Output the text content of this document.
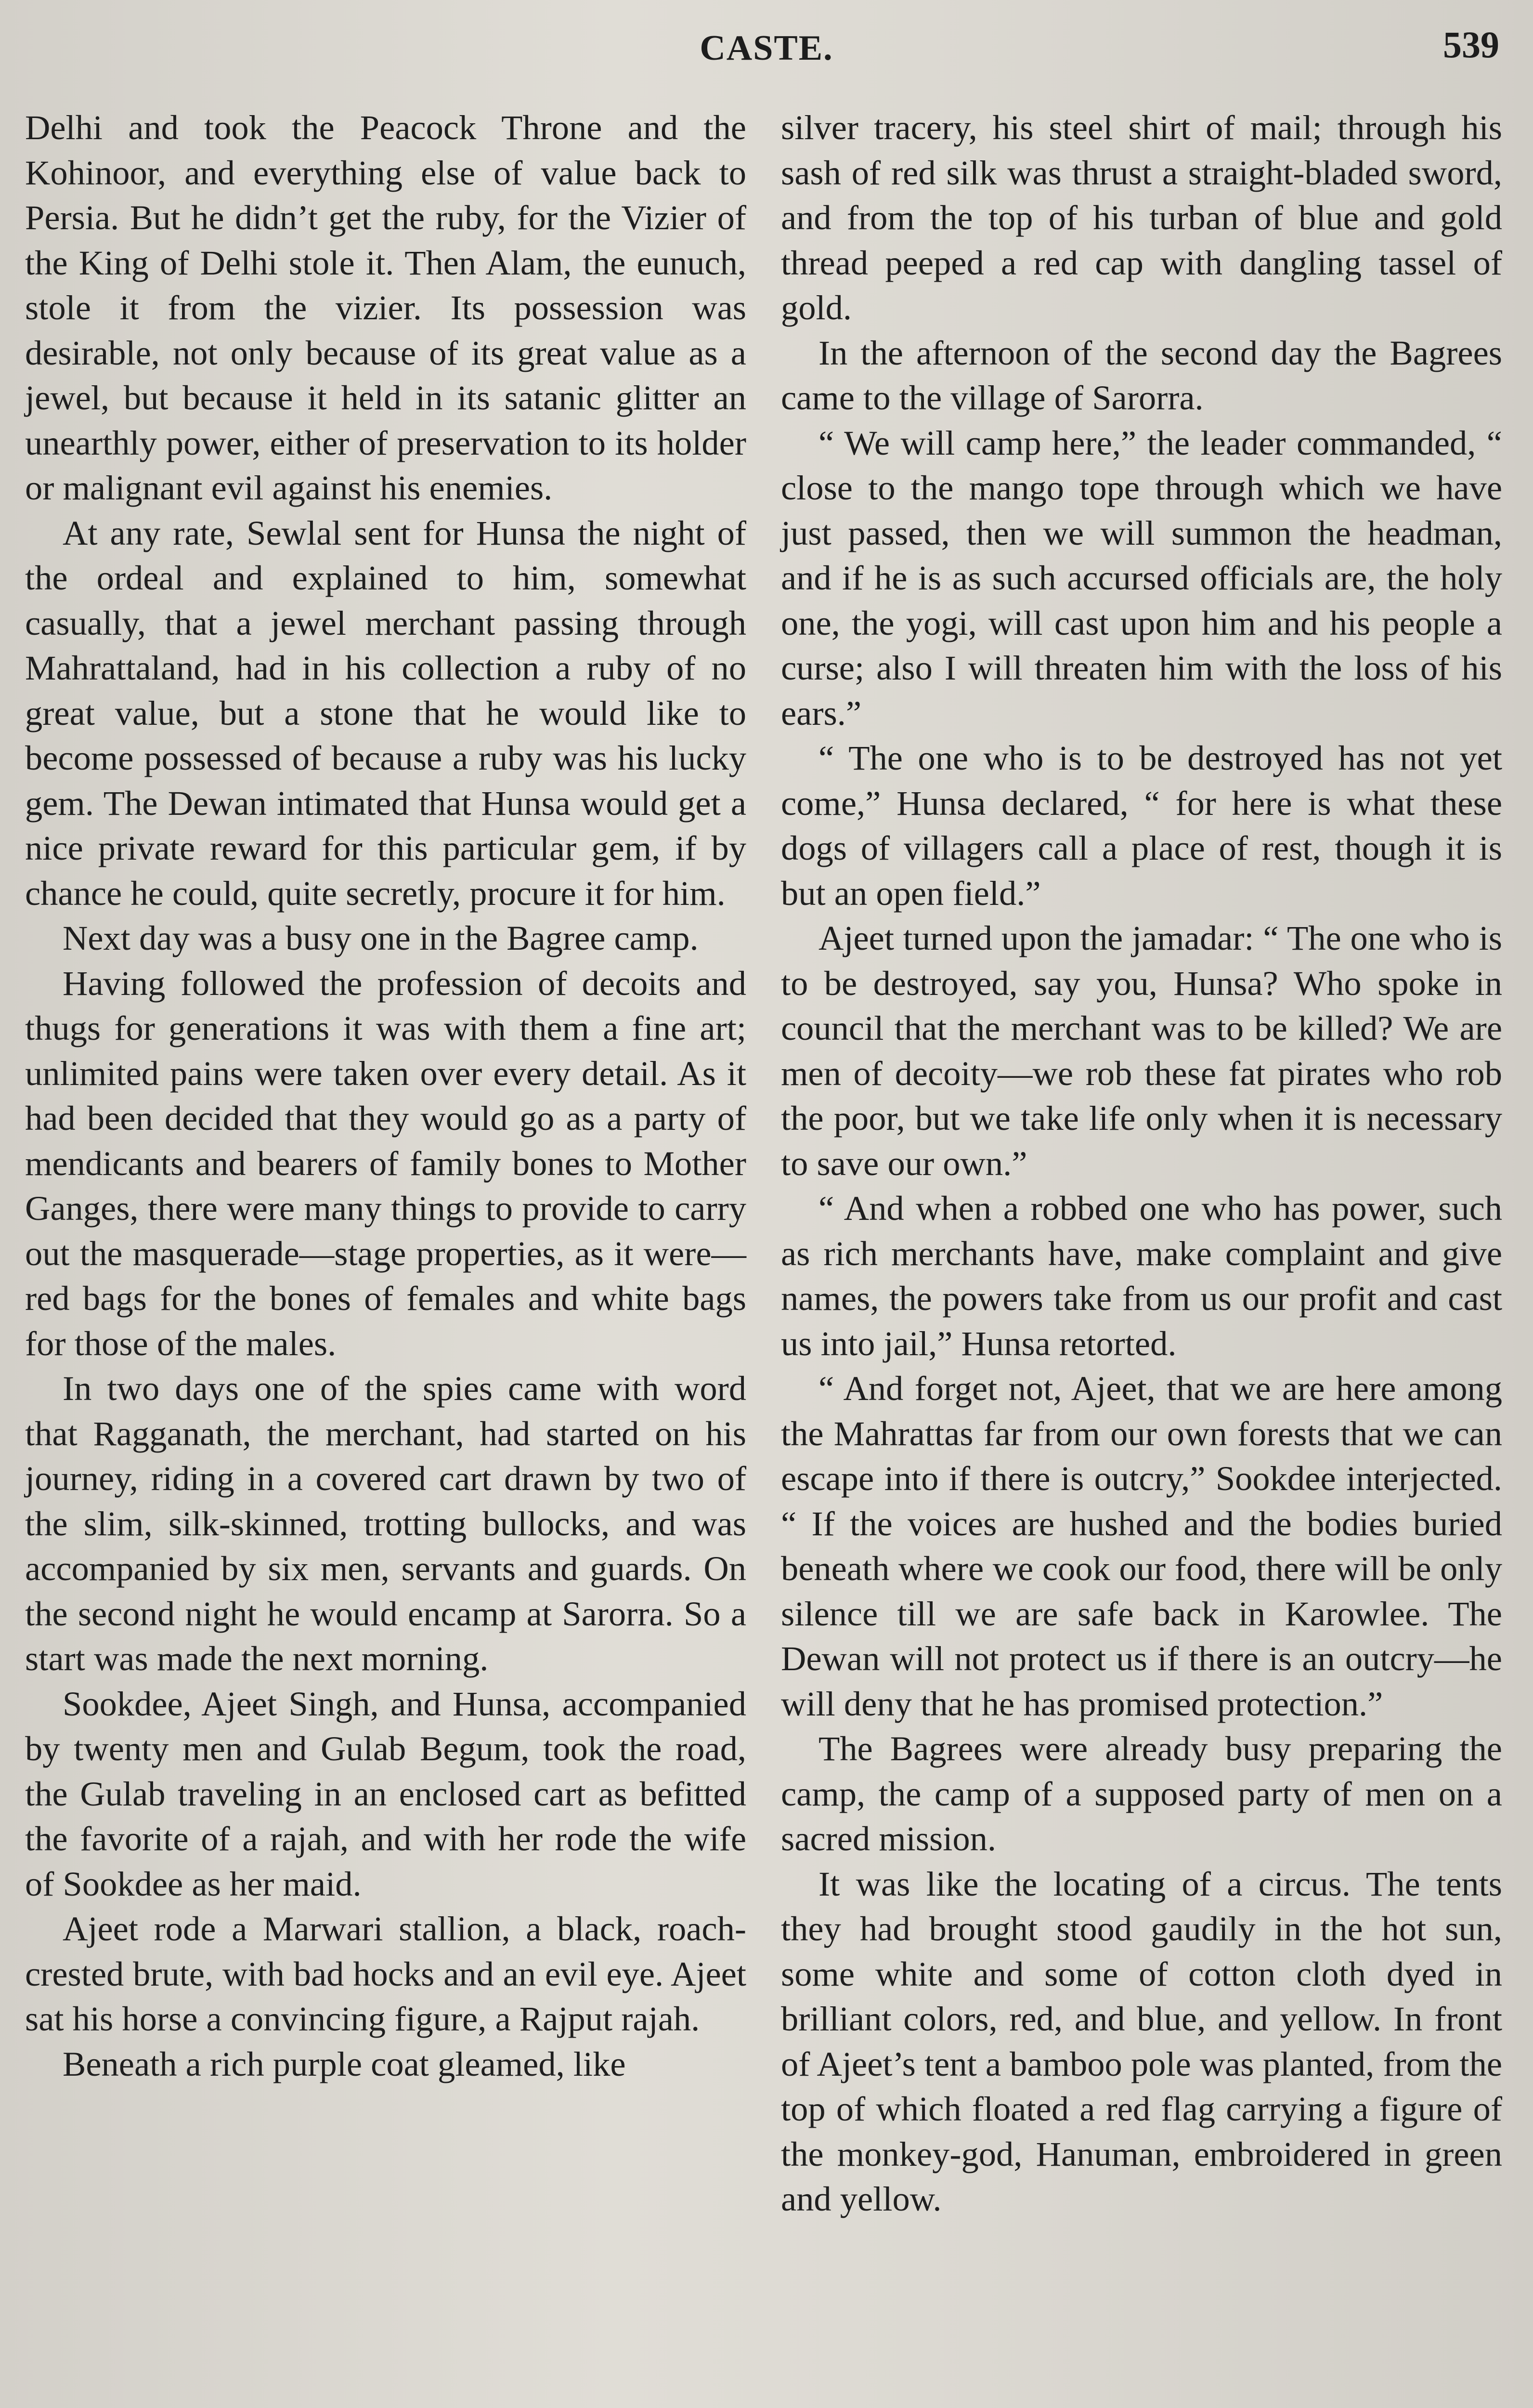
CASTE.	539

Delhi and took the Peacock Throne and the Kohinoor, and everything else of value back to Persia. But he didn’t get the ruby, for the Vizier of the King of Delhi stole it. Then Alam, the eunuch, stole it from the vizier. Its possession was desirable, not only because of its great value as a jewel, but because it held in its satanic glitter an unearthly power, either of preservation to its holder or malignant evil against his enemies.

At any rate, Sewlal sent for Hunsa the night of the ordeal and explained to him, somewhat casually, that a jewel merchant passing through Mahrattaland, had in his collection a ruby of no great value, but a stone that he would like to become possessed of because a ruby was his lucky gem. The Dewan intimated that Hunsa would get a nice private reward for this particular gem, if by chance he could, quite secretly, procure it for him.

Next day was a busy one in the Bagree camp.

Having followed the profession of decoits and thugs for generations it was with them a fine art; unlimited pains were taken over every detail. As it had been decided that they would go as a party of mendicants and bearers of family bones to Mother Ganges, there were many things to provide to carry out the masquerade—stage properties, as it were—red bags for the bones of females and white bags for those of the males.

In two days one of the spies came with word that Ragganath, the merchant, had started on his journey, riding in a covered cart drawn by two of the slim, silk-skinned, trotting bullocks, and was accompanied by six men, servants and guards. On the second night he would encamp at Sarorra. So a start was made the next morning.

Sookdee, Ajeet Singh, and Hunsa, accompanied by twenty men and Gulab Begum, took the road, the Gulab traveling in an enclosed cart as befitted the favorite of a rajah, and with her rode the wife of Sookdee as her maid.

Ajeet rode a Marwari stallion, a black, roach-crested brute, with bad hocks and an evil eye. Ajeet sat his horse a convincing figure, a Rajput rajah.

Beneath a rich purple coat gleamed, like

silver tracery, his steel shirt of mail; through his sash of red silk was thrust a straight-bladed sword, and from the top of his turban of blue and gold thread peeped a red cap with dangling tassel of gold.

In the afternoon of the second day the Bagrees came to the village of Sarorra.

“ We will camp here,” the leader commanded, “ close to the mango tope through which we have just passed, then we will summon the headman, and if he is as such accursed officials are, the holy one, the yogi, will cast upon him and his people a curse; also I will threaten him with the loss of his ears.”

“ The one who is to be destroyed has not yet come,” Hunsa declared, “ for here is what these dogs of villagers call a place of rest, though it is but an open field.”

Ajeet turned upon the jamadar: “ The one who is to be destroyed, say you, Hunsa? Who spoke in council that the merchant was to be killed? We are men of decoity—we rob these fat pirates who rob the poor, but we take life only when it is necessary to save our own.”

“ And when a robbed one who has power, such as rich merchants have, make complaint and give names, the powers take from us our profit and cast us into jail,” Hunsa retorted.

“ And forget not, Ajeet, that we are here among the Mahrattas far from our own forests that we can escape into if there is outcry,” Sookdee interjected. “ If the voices are hushed and the bodies buried beneath where we cook our food, there will be only silence till we are safe back in Karowlee. The Dewan will not protect us if there is an outcry—he will deny that he has promised protection.”

The Bagrees were already busy preparing the camp, the camp of a supposed party of men on a sacred mission.

It was like the locating of a circus. The tents they had brought stood gaudily in the hot sun, some white and some of cotton cloth dyed in brilliant colors, red, and blue, and yellow. In front of Ajeet’s tent a bamboo pole was planted, from the top of which floated a red flag carrying a figure of the monkey-god, Hanuman, embroidered in green and yellow.
